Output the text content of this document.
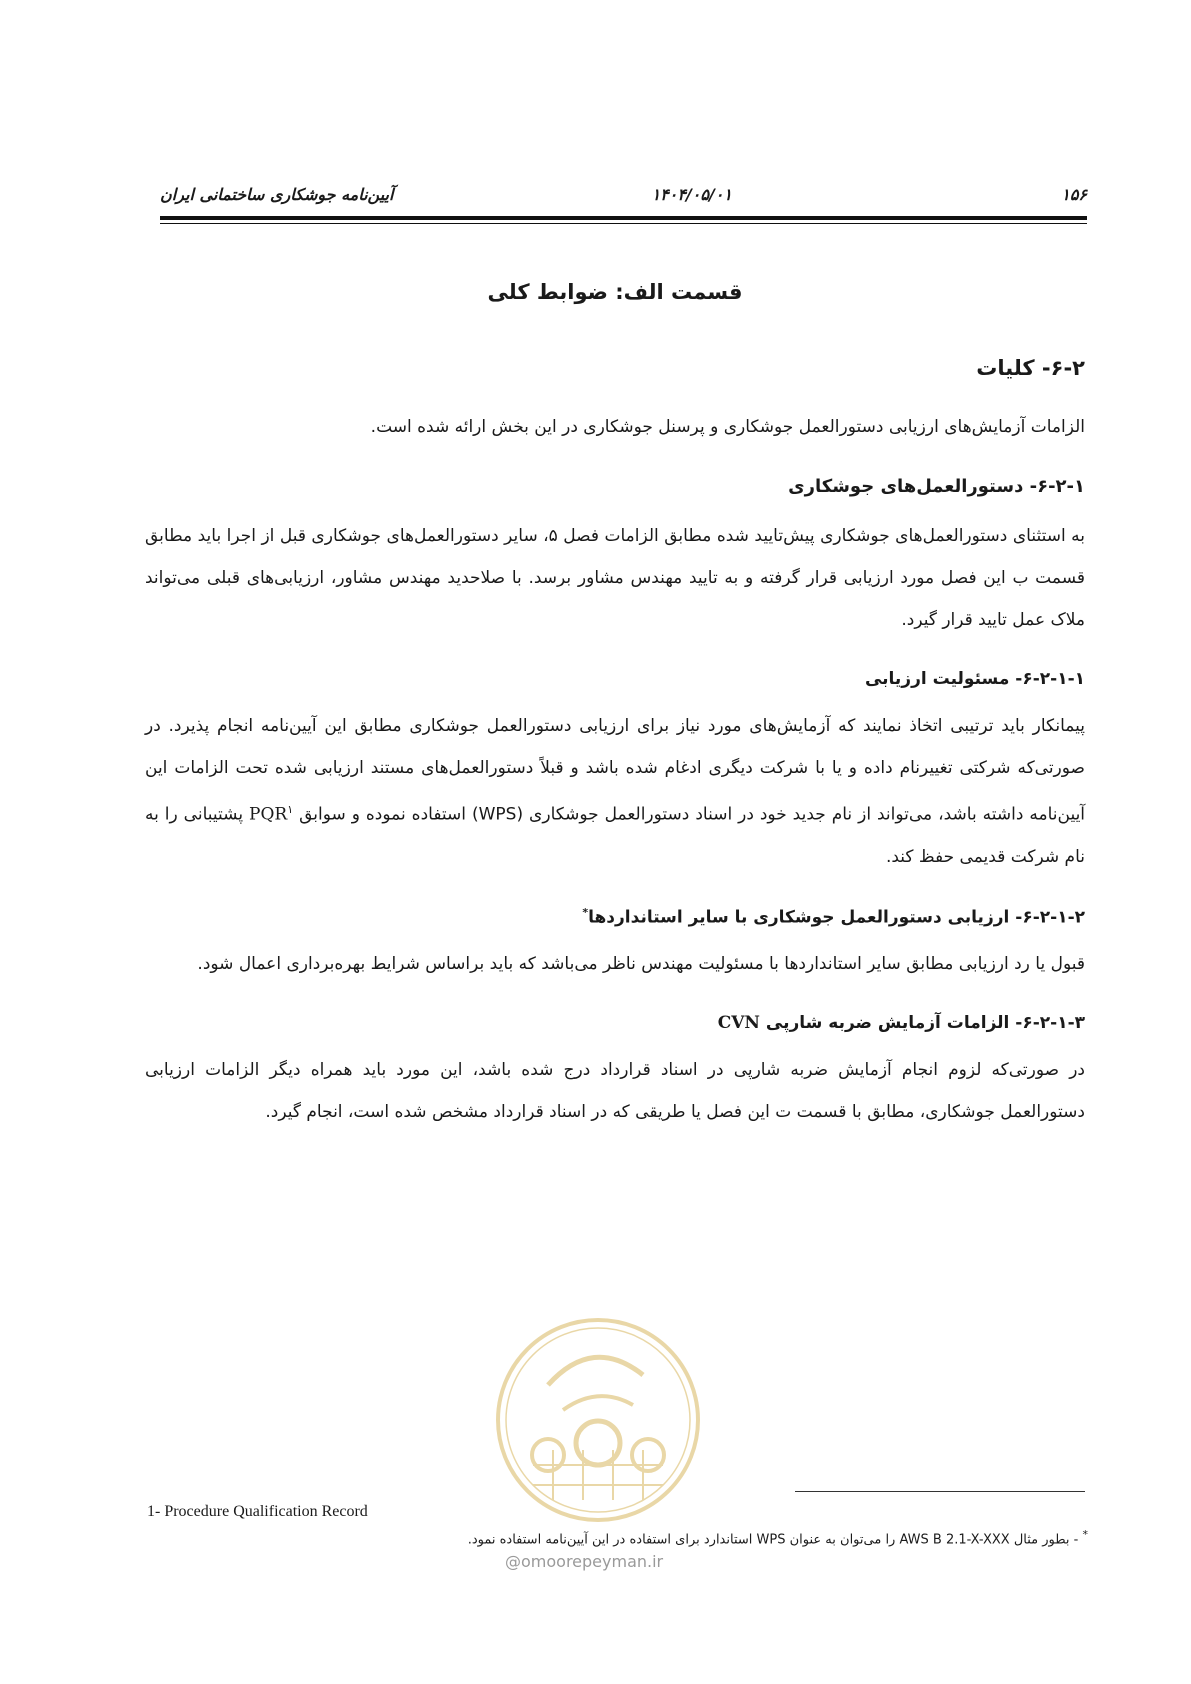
۱۵۶
۱۴۰۴/۰۵/۰۱
آیین‌نامه جوشکاری ساختمانی ایران
قسمت الف: ضوابط کلی
۶-۲- کلیات

الزامات آزمایش‌های ارزیابی دستورالعمل جوشکاری و پرسنل جوشکاری در این بخش ارائه شده است.

۶-۲-۱- دستورالعمل‌های جوشکاری

به استثنای دستورالعمل‌های جوشکاری پیش‌تایید شده مطابق الزامات فصل ۵، سایر دستورالعمل‌های جوشکاری قبل از اجرا باید مطابق قسمت ب این فصل مورد ارزیابی قرار گرفته و به تایید مهندس مشاور برسد. با صلاحدید مهندس مشاور، ارزیابی‌های قبلی می‌تواند ملاک عمل تایید قرار گیرد.

۶-۲-۱-۱- مسئولیت ارزیابی

پیمانکار باید ترتیبی اتخاذ نمایند که آزمایش‌های مورد نیاز برای ارزیابی دستورالعمل جوشکاری مطابق این آیین‌نامه انجام پذیرد. در صورتی‌که شرکتی تغییرنام داده و یا با شرکت دیگری ادغام شده باشد و قبلاً دستورالعمل‌های مستند ارزیابی شده تحت الزامات این آیین‌نامه داشته باشد، می‌تواند از نام جدید خود در اسناد دستورالعمل جوشکاری (WPS) استفاده نموده و سوابق PQR$^۱$ پشتیبانی را به نام شرکت قدیمی حفظ کند.

۶-۲-۱-۲- ارزیابی دستورالعمل جوشکاری با سایر استانداردها*

قبول یا رد ارزیابی مطابق سایر استانداردها با مسئولیت مهندس ناظر می‌باشد که باید براساس شرایط بهره‌برداری اعمال شود.

۶-۲-۱-۳- الزامات آزمایش ضربه شارپی CVN

در صورتی‌که لزوم انجام آزمایش ضربه شارپی در اسناد قرارداد درج شده باشد، این مورد باید همراه دیگر الزامات ارزیابی دستورالعمل جوشکاری، مطابق با قسمت ت این فصل یا طریقی که در اسناد قرارداد مشخص شده است، انجام گیرد.

1- Procedure Qualification Record
* - بطور مثال AWS B 2.1-X-XXX را می‌توان به عنوان WPS استاندارد برای استفاده در این آیین‌نامه استفاده نمود.
@omoorepeyman.ir
